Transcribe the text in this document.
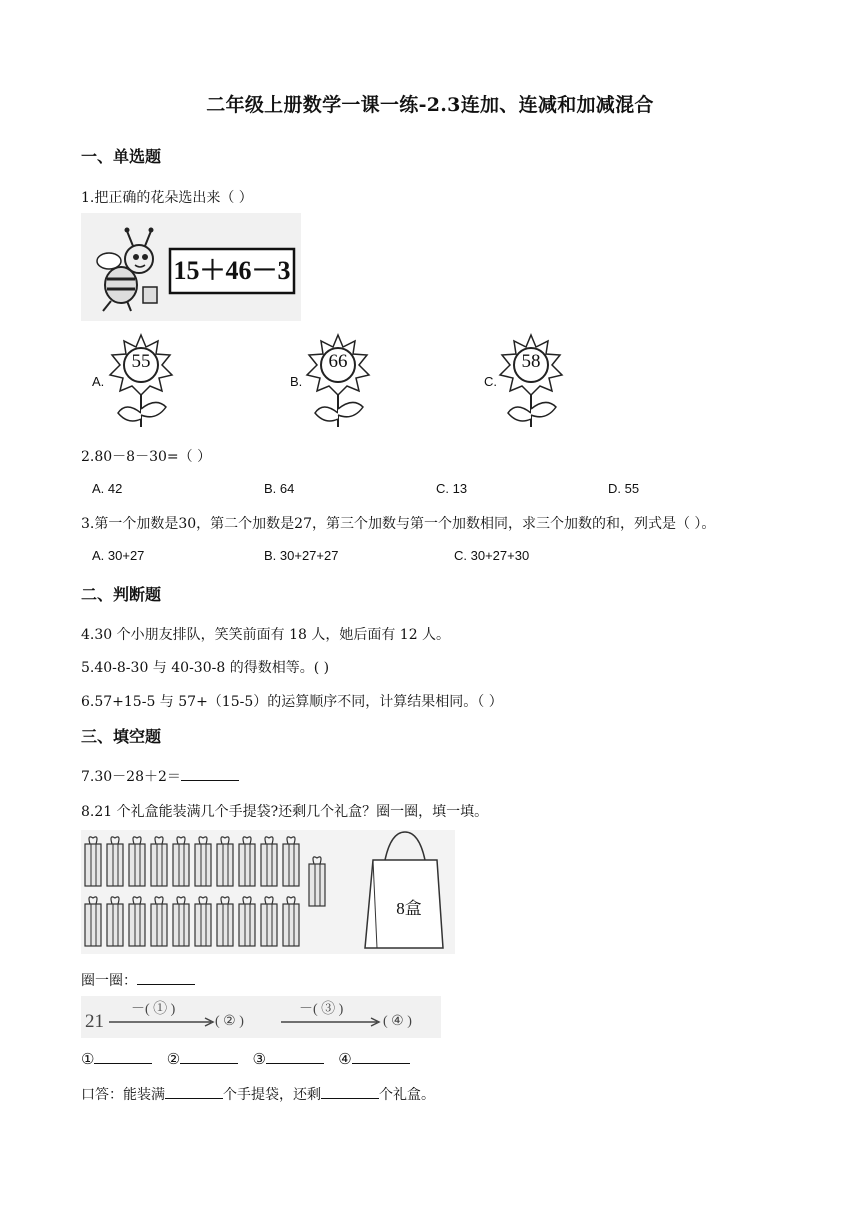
二年级上册数学一课一练-2.3连加、连减和加减混合
一、单选题
1.把正确的花朵选出来（ ）
15＋46－3
A.
55
B.
66
C.
58
2.80－8－30=（ ）
A. 42	B. 64	C. 13	D. 55
3.第一个加数是30，第二个加数是27，第三个加数与第一个加数相同，求三个加数的和，列式是（ ）。
A. 30+27	B. 30+27+27	C. 30+27+30
二、判断题
4.30 个小朋友排队，笑笑前面有 18 人，她后面有 12 人。
5.40-8-30 与 40-30-8 的得数相等。( )
6.57+15-5 与 57+（15-5）的运算顺序不同，计算结果相同。（ ）
三、填空题
7.30－28＋2＝
8.21 个礼盒能装满几个手提袋?还剩几个礼盒？圈一圈，填一填。
8盒
圈一圈：
21
－( ① )
( ② )
－( ③ )
( ④ )
①	②	③	④
口答：能装满	个手提袋，还剩	个礼盒。
